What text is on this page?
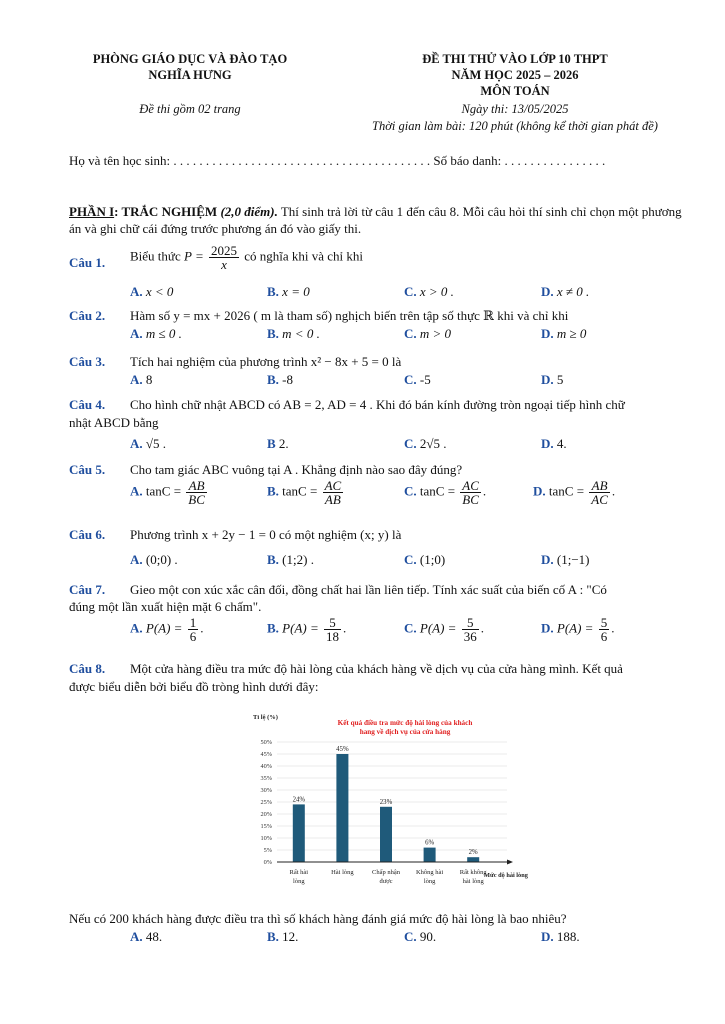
PHÒNG GIÁO DỤC VÀ ĐÀO TẠO
NGHĨA HƯNG
Đề thi gồm 02 trang
ĐỀ THI THỬ VÀO LỚP 10 THPT
NĂM HỌC 2025 – 2026
MÔN TOÁN
Ngày thi: 13/05/2025
Thời gian làm bài: 120 phút (không kể thời gian phát đề)
Họ và tên học sinh: . . . . . . . . . . . . . . . . . . . . . . . . . . . . . . . . . . . . . . . . Số báo danh: . . . . . . . . . . . . . . . .
PHẦN I: TRẮC NGHIỆM (2,0 điểm). Thí sinh trả lời từ câu 1 đến câu 8. Mỗi câu hỏi thí sinh chỉ chọn một phương án và ghi chữ cái đứng trước phương án đó vào giấy thi.
Câu 1. Biểu thức $P = \frac{2025}{x}$ có nghĩa khi và chỉ khi
A. x < 0	B. x = 0	C. x > 0 .	D. x ≠ 0 .
Câu 2. Hàm số y = mx + 2026 ( m là tham số) nghịch biến trên tập số thực ℝ khi và chỉ khi
A. m ≤ 0 .	B. m < 0 .	C. m > 0	D. m ≥ 0
Câu 3. Tích hai nghiệm của phương trình x² − 8x + 5 = 0 là
A. 8	B. -8	C. -5	D. 5
Câu 4. Cho hình chữ nhật ABCD có AB = 2, AD = 4 . Khi đó bán kính đường tròn ngoại tiếp hình chữ
nhật ABCD bằng
A. √5 .	B 2.	C. 2√5 .	D. 4.
Câu 5. Cho tam giác ABC vuông tại A . Khẳng định nào sao đây đúng?
A. $\tan C = \frac{AB}{BC}$	B. $\tan C = \frac{AC}{AB}$	C. $\tan C = \frac{AC}{BC}$ .	D. $\tan C = \frac{AB}{AC}$ .
Câu 6. Phương trình x + 2y − 1 = 0 có một nghiệm (x; y) là
A. (0;0) .	B. (1;2) .	C. (1;0)	D. (1;−1)
Câu 7. Gieo một con xúc xắc cân đối, đồng chất hai lần liên tiếp. Tính xác suất của biến cố A : "Có
đúng một lần xuất hiện mặt 6 chấm".
A. $P(A) = \frac{1}{6}$ .	B. $P(A) = \frac{5}{18}$ .	C. $P(A) = \frac{5}{36}$ .	D. $P(A) = \frac{5}{6}$ .
Câu 8. Một cửa hàng điều tra mức độ hài lòng của khách hàng về dịch vụ của cửa hàng mình. Kết quả
được biểu diễn bởi biểu đồ tròng hình dưới đây:
Tỉ lệ (%)
Kết quả điều tra mức độ hài lòng của khách
hang về dịch vụ của cửa hàng
0%
5%
10%
15%
20%
25%
30%
35%
40%
45%
50%
24%
Rất hài
lòng
45%
Hài lòng
23%
Chấp nhận
được
6%
Không hài
lòng
2%
Rất không
hài lòng
Mức độ hài lòng
Nếu có 200 khách hàng được điều tra thì số khách hàng đánh giá mức độ hài lòng là bao nhiêu?
A. 48.	B. 12.	C. 90.	D. 188.
